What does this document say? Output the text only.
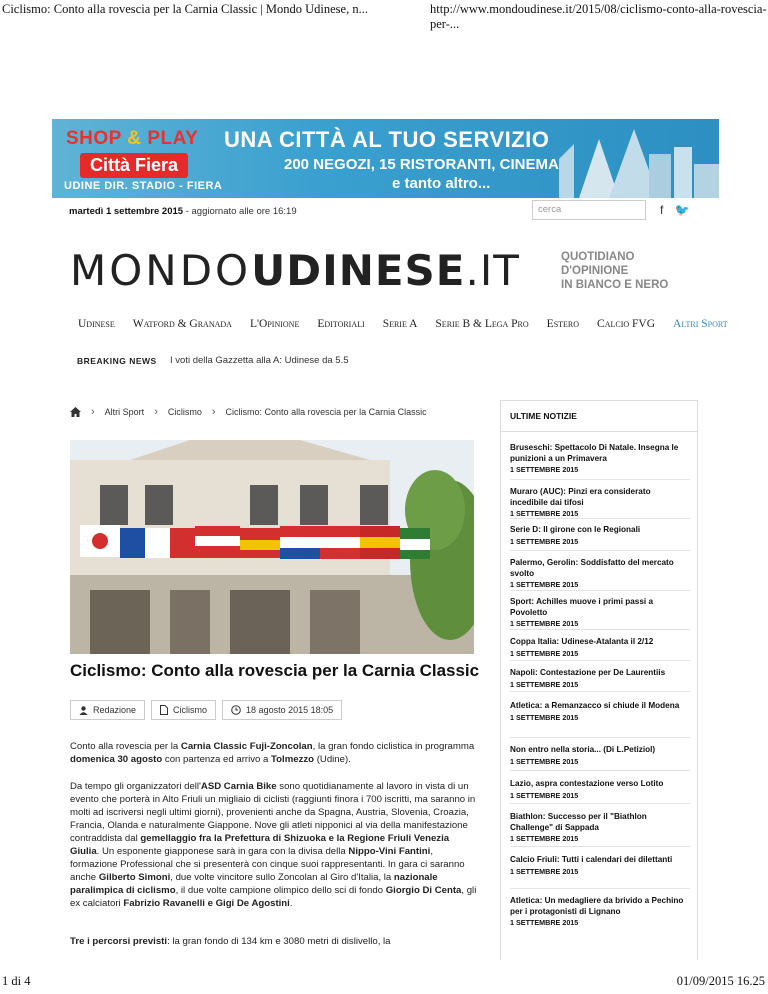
Ciclismo: Conto alla rovescia per la Carnia Classic | Mondo Udinese, n...	http://www.mondoudinese.it/2015/08/ciclismo-conto-alla-rovescia-per-...
SHOP & PLAY
Città Fiera
UDINE DIR. STADIO - FIERA
UNA CITTÀ AL TUO SERVIZIO
200 NEGOZI, 15 RISTORANTI, CINEMA
e tanto altro...
martedì 1 settembre 2015 - aggiornato alle ore 16:19	cerca	f 🐦
MONDOUDINESE.IT	QUOTIDIANO
D'OPINIONE
IN BIANCO E NERO
Udinese Watford & Granada L'Opinione Editoriali Serie A Serie B & Lega Pro Estero Calcio FVG Altri Sport
BREAKING NEWS I voti della Gazzetta alla A: Udinese da 5.5
› Altri Sport › Ciclismo › Ciclismo: Conto alla rovescia per la Carnia Classic
Ciclismo: Conto alla rovescia per la Carnia Classic
Redazione	Ciclismo	18 agosto 2015 18:05
Conto alla rovescia per la Carnia Classic Fuji-Zoncolan, la gran fondo ciclistica in programma domenica 30 agosto con partenza ed arrivo a Tolmezzo (Udine).
Da tempo gli organizzatori dell'ASD Carnia Bike sono quotidianamente al lavoro in vista di un evento che porterà in Alto Friuli un migliaio di ciclisti (raggiunti finora i 700 iscritti, ma saranno in molti ad iscriversi negli ultimi giorni), provenienti anche da Spagna, Austria, Slovenia, Croazia, Francia, Olanda e naturalmente Giappone. Nove gli atleti nipponici al via della manifestazione contraddista dal gemellaggio fra la Prefettura di Shizuoka e la Regione Friuli Venezia Giulia. Un esponente giapponese sarà in gara con la divisa della Nippo-Vini Fantini, formazione Professional che si presenterà con cinque suoi rappresentanti. In gara ci saranno anche Gilberto Simoni, due volte vincitore sullo Zoncolan al Giro d'Italia, la nazionale paralimpica di ciclismo, il due volte campione olimpico dello sci di fondo Giorgio Di Centa, gli ex calciatori Fabrizio Ravanelli e Gigi De Agostini.
Tre i percorsi previsti: la gran fondo di 134 km e 3080 metri di dislivello, la
ULTIME NOTIZIE
Bruseschi: Spettacolo Di Natale. Insegna le punizioni a un Primavera
1 SETTEMBRE 2015
Muraro (AUC): Pinzi era considerato incedibile dai tifosi
1 SETTEMBRE 2015
Serie D: Il girone con le Regionali
1 SETTEMBRE 2015
Palermo, Gerolin: Soddisfatto del mercato svolto
1 SETTEMBRE 2015
Sport: Achilles muove i primi passi a Povoletto
1 SETTEMBRE 2015
Coppa Italia: Udinese-Atalanta il 2/12
1 SETTEMBRE 2015
Napoli: Contestazione per De Laurentiis
1 SETTEMBRE 2015
Atletica: a Remanzacco si chiude il Modena
1 SETTEMBRE 2015
Non entro nella storia... (Di L.Petiziol)
1 SETTEMBRE 2015
Lazio, aspra contestazione verso Lotito
1 SETTEMBRE 2015
Biathlon: Successo per il "Biathlon Challenge" di Sappada
1 SETTEMBRE 2015
Calcio Friuli: Tutti i calendari dei dilettanti
1 SETTEMBRE 2015
Atletica: Un medagliere da brivido a Pechino per i protagonisti di Lignano
1 SETTEMBRE 2015
1 di 4	01/09/2015 16.25
